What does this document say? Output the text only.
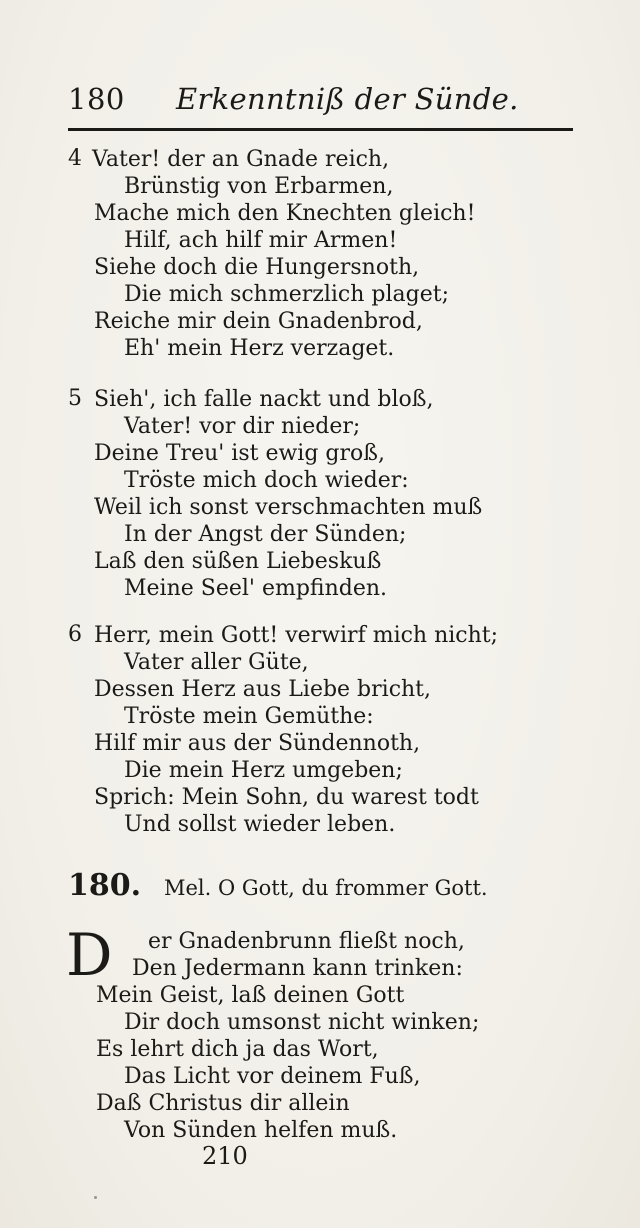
180 Erkenntniß der Sünde.
4 Vater! der an Gnade reich,
Brünstig von Erbarmen,
Mache mich den Knechten gleich!
Hilf, ach hilf mir Armen!
Siehe doch die Hungersnoth,
Die mich schmerzlich plaget;
Reiche mir dein Gnadenbrod,
Eh' mein Herz verzaget.
5 Sieh', ich falle nackt und bloß,
Vater! vor dir nieder;
Deine Treu' ist ewig groß,
Tröste mich doch wieder:
Weil ich sonst verschmachten muß
In der Angst der Sünden;
Laß den süßen Liebeskuß
Meine Seel' empfinden.
6 Herr, mein Gott! verwirf mich nicht;
Vater aller Güte,
Dessen Herz aus Liebe bricht,
Tröste mein Gemüthe:
Hilf mir aus der Sündennoth,
Die mein Herz umgeben;
Sprich: Mein Sohn, du warest todt
Und sollst wieder leben.
180. Mel. O Gott, du frommer Gott.
D er Gnadenbrunn fließt noch,
Den Jedermann kann trinken:
Mein Geist, laß deinen Gott
Dir doch umsonst nicht winken;
Es lehrt dich ja das Wort,
Das Licht vor deinem Fuß,
Daß Christus dir allein
Von Sünden helfen muß.
210
